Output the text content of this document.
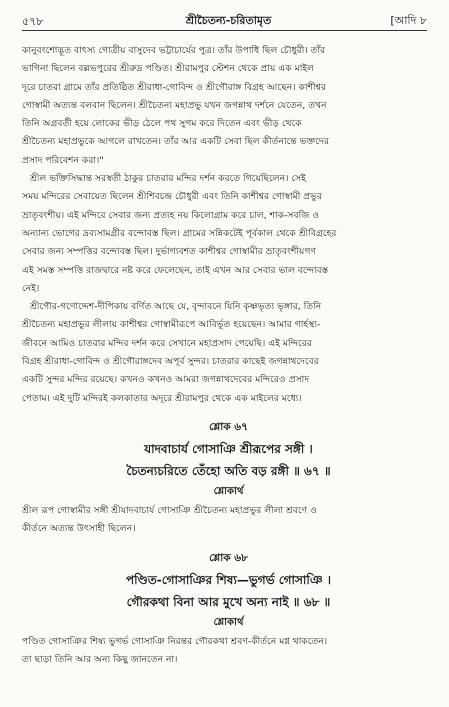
৫৭৮	শ্রীচৈতন্য-চরিতামৃত	[আদি ৮
কানুবংশোদ্ভূত বাৎস্য গোত্রীয় বাসুদেব ভট্টাচার্যের পুত্র। তাঁর উপাধি ছিল চৌধুরী। তাঁর
ভাগিনা ছিলেন বল্লভপুরের শ্রীরুদ্র পণ্ডিত। শ্রীরামপুর স্টেশন থেকে প্রায় এক মাইল
দূরে চাতরা গ্রামে তাঁর প্রতিষ্ঠিত শ্রীরাধা-গোবিন্দ ও শ্রীগৌরাঙ্গ বিগ্রহ আছেন। কাশীশ্বর
গোস্বামী অত্যন্ত বলবান ছিলেন। শ্রীচৈতন্য মহাপ্রভু যখন জগন্নাথ দর্শনে যেতেন, তখন
তিনি অগ্রবর্তী হয়ে লোকের ভীড় ঠেলে পথ সুগম করে দিতেন এবং ভীড় থেকে
শ্রীচৈতন্য মহাপ্রভুকে আগলে রাখতেন। তাঁর আর একটি সেবা ছিল কীর্তনান্তে ভক্তদের
প্রসাদ পরিবেশন করা।"
শ্রীল ভক্তিসিদ্ধান্ত সরস্বতী ঠাকুর চাতরার মন্দির দর্শন করতে গিয়েছিলেন। সেই
সময় মন্দিরের সেবায়েত ছিলেন শ্রীশিবচন্দ্র চৌধুরী এবং তিনি কাশীশ্বর গোস্বামী প্রভুর
ভ্রাতৃবংশীয়। এই মন্দিরে সেবার জন্য প্রত্যহ নয় কিলোগ্রাম করে চাল, শাক-সবজি ও
অন্যান্য ভোগের দ্রব্যসামগ্রীর বন্দোবস্ত ছিল। গ্রামের সন্নিকটেই পূর্বকাল থেকে শ্রীবিগ্রহের
সেবার জন্য সম্পত্তির বন্দোবস্ত ছিল। দুর্ভাগ্যবশত কাশীশ্বর গোস্বামীর ভ্রাতৃবংশীয়গণ
এই সমস্ত সম্পত্তি রাজদ্বারে নষ্ট করে ফেলেছেন, তাই এখন আর সেবার ভাল বন্দোবস্ত
নেই।
শ্রীগৌর-গণোদ্দেশ-দীপিকায় বর্ণিত আছে যে, বৃন্দাবনে যিনি কৃষ্ণভৃত্য ভৃঙ্গার, তিনি
শ্রীচৈতন্য মহাপ্রভুর লীলায় কাশীশ্বর গোস্বামীরূপে আবির্ভূত হয়েছেন। আমার গার্হস্থ্য-
জীবনে আমিও চাতরার মন্দির দর্শন করে সেখানে মহাপ্রসাদ পেয়েছি। এই মন্দিরের
বিগ্রহ শ্রীরাধা-গোবিন্দ ও শ্রীগৌরাঙ্গদেব অপূর্ব সুন্দর। চাতরার কাছেই জগন্নাথদেবের
একটি সুন্দর মন্দির রয়েছে। কখনও কখনও আমরা জগন্নাথদেবের মন্দিরেও প্রসাদ
পেতাম। এই দুটি মন্দিরই কলকাতার অদূরে শ্রীরামপুর থেকে এক মাইলের মধ্যে।
শ্লোক ৬৭
যাদবাচার্য গোসাঞি শ্রীরূপের সঙ্গী ।
চৈতন্যচরিতে তেঁহো অতি বড় রঙ্গী ॥ ৬৭ ॥
শ্লোকার্থ
শ্রীল রূপ গোস্বামীর সঙ্গী শ্রীযাদবাচার্য গোসাঞি শ্রীচৈতন্য মহাপ্রভুর লীলা শ্রবণে ও
কীর্তনে অত্যন্ত উৎসাহী ছিলেন।
শ্লোক ৬৮
পণ্ডিত-গোসাঞির শিষ্য—ভুগর্ভ গোসাঞি ।
গৌরকথা বিনা আর মুখে অন্য নাই ॥ ৬৮ ॥
শ্লোকার্থ
পণ্ডিত গোসাঞির শিষ্য ভুগর্ভ গোসাঞি নিরন্তর গৌরকথা শ্রবণ-কীর্তনে মগ্ন থাকতেন।
তা ছাড়া তিনি আর অন্য কিছু জানতেন না।
